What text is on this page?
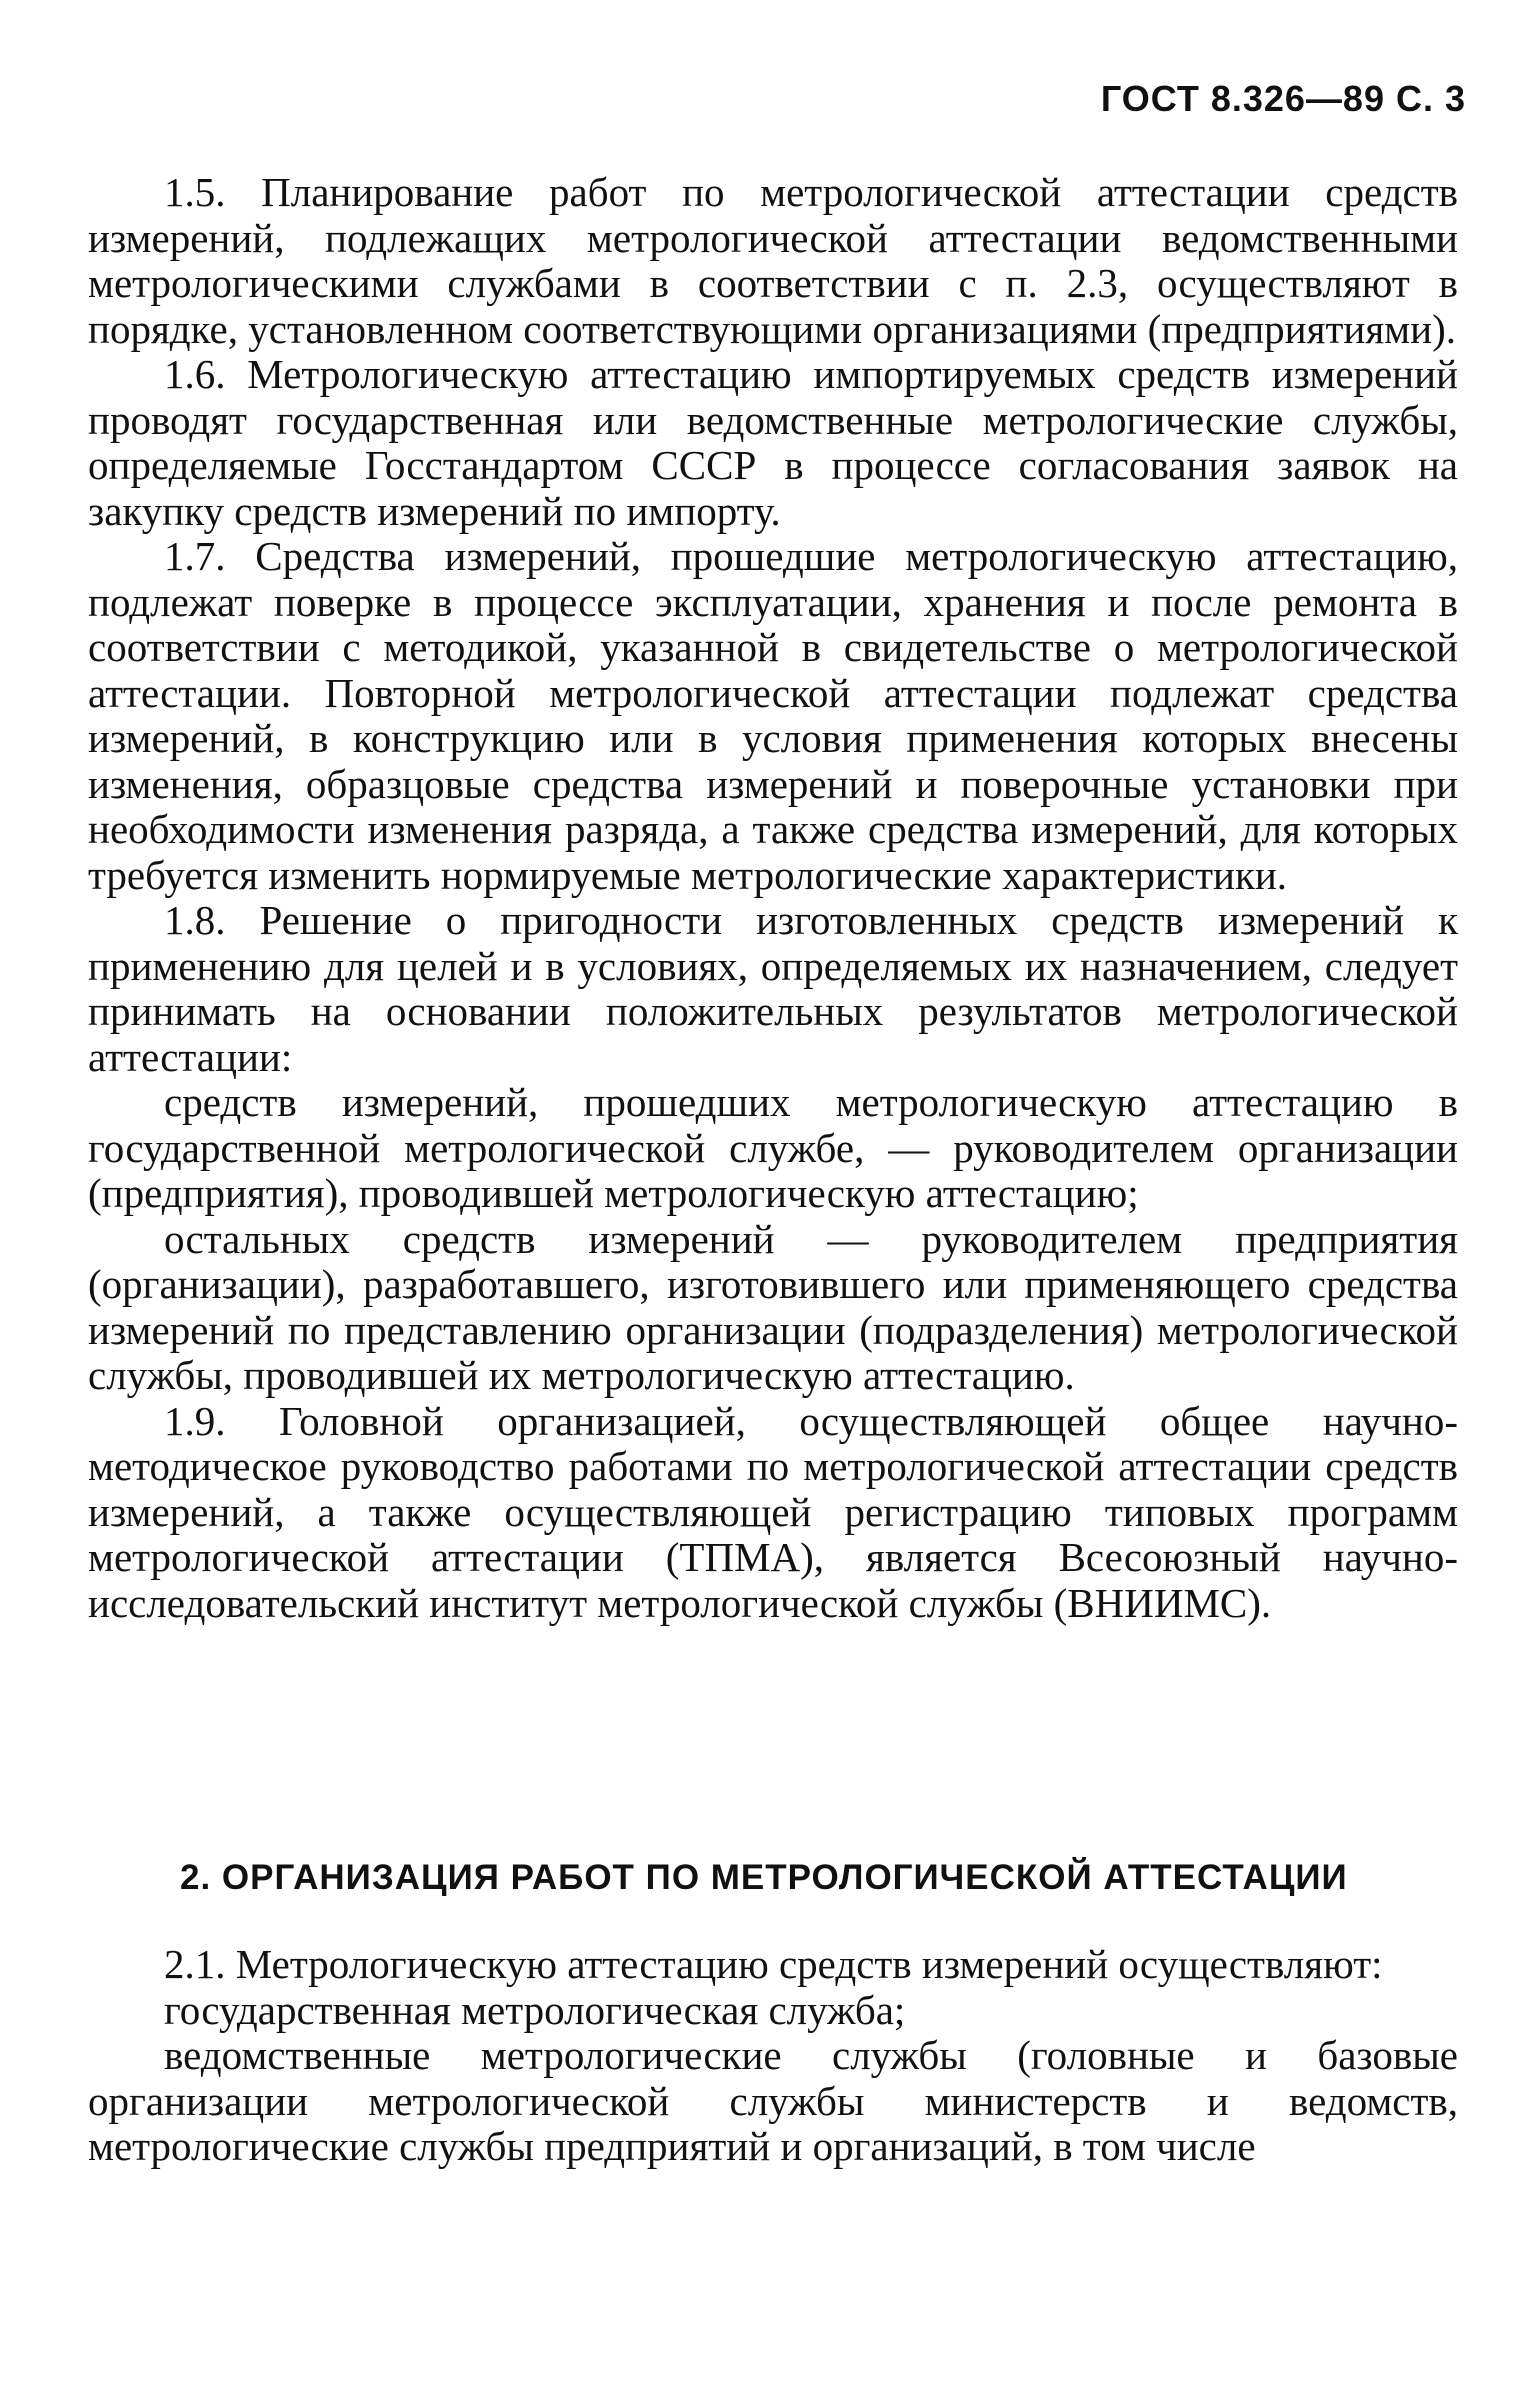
ГОСТ 8.326—89 С. 3

1.5. Планирование работ по метрологической аттестации средств измерений, подлежащих метрологической аттестации ведомственными метрологическими службами в соответствии с п. 2.3, осуществляют в порядке, установленном соответствующими организациями (предприятиями).

1.6. Метрологическую аттестацию импортируемых средств измерений проводят государственная или ведомственные метрологические службы, определяемые Госстандартом СССР в процессе согласования заявок на закупку средств измерений по импорту.

1.7. Средства измерений, прошедшие метрологическую аттестацию, подлежат поверке в процессе эксплуатации, хранения и после ремонта в соответствии с методикой, указанной в свидетельстве о метрологической аттестации. Повторной метрологической аттестации подлежат средства измерений, в конструкцию или в условия применения которых внесены изменения, образцовые средства измерений и поверочные установки при необходимости изменения разряда, а также средства измерений, для которых требуется изменить нормируемые метрологические характеристики.

1.8. Решение о пригодности изготовленных средств измерений к применению для целей и в условиях, определяемых их назначением, следует принимать на основании положительных результатов метрологической аттестации:

средств измерений, прошедших метрологическую аттестацию в государственной метрологической службе, — руководителем организации (предприятия), проводившей метрологическую аттестацию;

остальных средств измерений — руководителем предприятия (организации), разработавшего, изготовившего или применяющего средства измерений по представлению организации (подразделения) метрологической службы, проводившей их метрологическую аттестацию.

1.9. Головной организацией, осуществляющей общее научно-методическое руководство работами по метрологической аттестации средств измерений, а также осуществляющей регистрацию типовых программ метрологической аттестации (ТПМА), является Всесоюзный научно-исследовательский институт метрологической службы (ВНИИМС).

2. ОРГАНИЗАЦИЯ РАБОТ ПО МЕТРОЛОГИЧЕСКОЙ АТТЕСТАЦИИ

2.1. Метрологическую аттестацию средств измерений осуществляют:

государственная метрологическая служба;

ведомственные метрологические службы (головные и базовые организации метрологической службы министерств и ведомств, метрологические службы предприятий и организаций, в том числе
